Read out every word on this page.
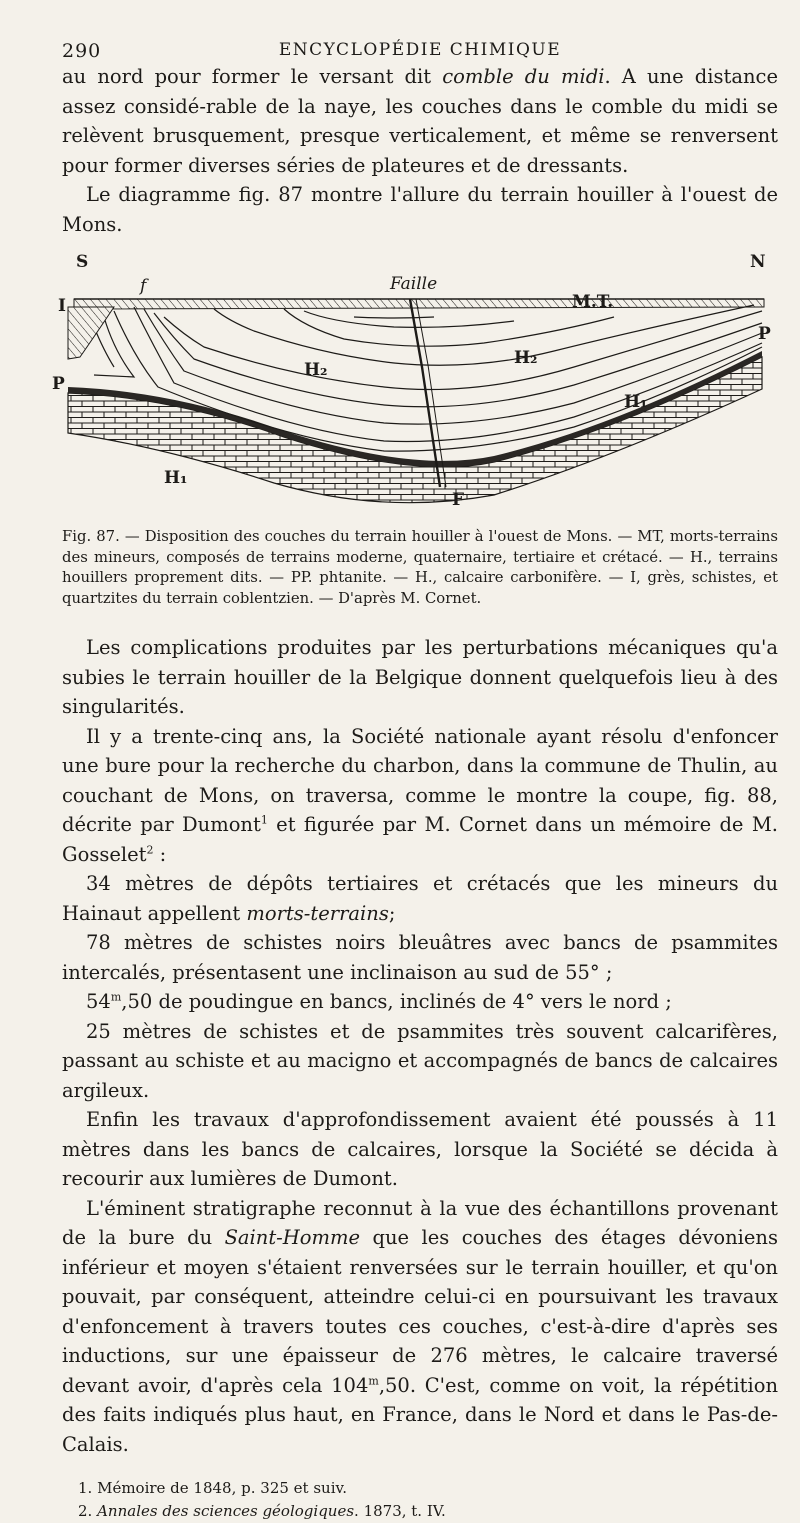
290	ENCYCLOPÉDIE CHIMIQUE

au nord pour former le versant dit comble du midi. A une distance assez considé-rable de la naye, les couches dans le comble du midi se relèvent brusquement, presque verticalement, et même se renversent pour former diverses séries de plateures et de dressants.

Le diagramme fig. 87 montre l'allure du terrain houiller à l'ouest de Mons.

S	N
f	Faille
M.T.
H₂
H₂
P
P
H₁
H₁
I
F

Fig. 87. — Disposition des couches du terrain houiller à l'ouest de Mons. — MT, morts-terrains des mineurs, composés de terrains moderne, quaternaire, tertiaire et crétacé. — H., terrains houillers proprement dits. — PP. phtanite. — H., calcaire carbonifère. — I, grès, schistes, et quartzites du terrain coblentzien. — D'après M. Cornet.

Les complications produites par les perturbations mécaniques qu'a subies le terrain houiller de la Belgique donnent quelquefois lieu à des singularités.

Il y a trente-cinq ans, la Société nationale ayant résolu d'enfoncer une bure pour la recherche du charbon, dans la commune de Thulin, au couchant de Mons, on traversa, comme le montre la coupe, fig. 88, décrite par Dumont$^1$ et figurée par M. Cornet dans un mémoire de M. Gosselet$^2$ :

34 mètres de dépôts tertiaires et crétacés que les mineurs du Hainaut appellent morts-terrains;

78 mètres de schistes noirs bleuâtres avec bancs de psammites intercalés, présentasent une inclinaison au sud de 55° ;

54$^m$,50 de poudingue en bancs, inclinés de 4° vers le nord ;

25 mètres de schistes et de psammites très souvent calcarifères, passant au schiste et au macigno et accompagnés de bancs de calcaires argileux.

Enfin les travaux d'approfondissement avaient été poussés à 11 mètres dans les bancs de calcaires, lorsque la Société se décida à recourir aux lumières de Dumont.

L'éminent stratigraphe reconnut à la vue des échantillons provenant de la bure du Saint-Homme que les couches des étages dévoniens inférieur et moyen s'étaient renversées sur le terrain houiller, et qu'on pouvait, par conséquent, atteindre celui-ci en poursuivant les travaux d'enfoncement à travers toutes ces couches, c'est-à-dire d'après ses inductions, sur une épaisseur de 276 mètres, le calcaire traversé devant avoir, d'après cela 104$^m$,50. C'est, comme on voit, la répétition des faits indiqués plus haut, en France, dans le Nord et dans le Pas-de-Calais.

1. Mémoire de 1848, p. 325 et suiv.
2. Annales des sciences géologiques. 1873, t. IV.
